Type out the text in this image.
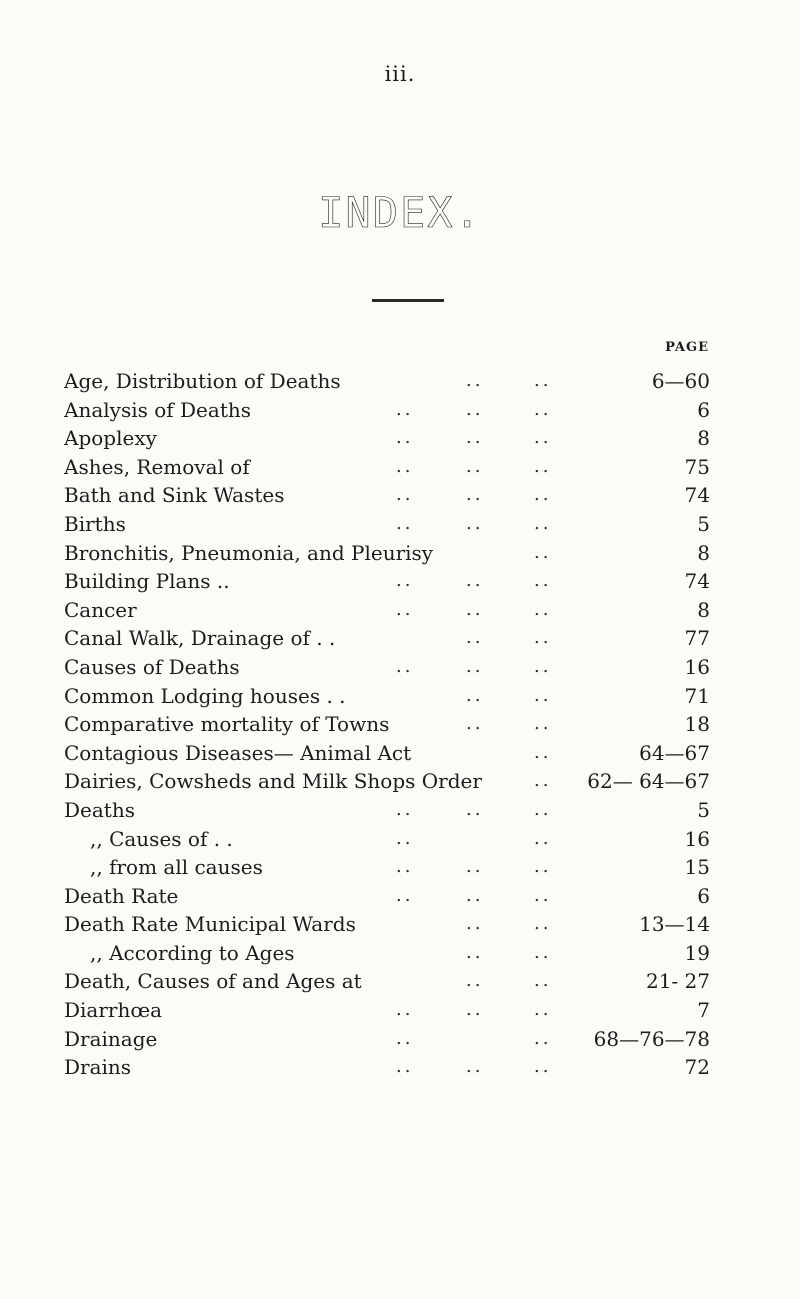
iii.
INDEX.
PAGE
Age, Distribution of Deaths	..	..	6—60
Analysis of Deaths	..	..	..	6
Apoplexy	..	..	..	8
Ashes, Removal of	..	..	..	75
Bath and Sink Wastes	..	..	..	74
Births	..	..	..	5
Bronchitis, Pneumonia, and Pleurisy	..	8
Building Plans ..	..	..	..	74
Cancer	..	..	..	8
Canal Walk, Drainage of . .	..	..	77
Causes of Deaths	..	..	..	16
Common Lodging houses . .	..	..	71
Comparative mortality of Towns	..	..	18
Contagious Diseases— Animal Act	..	64—67
Dairies, Cowsheds and Milk Shops Order	.. 62— 64—67
Deaths	..	..	..	5
,, Causes of . .	..	..	16
,, from all causes	..	..	..	15
Death Rate	..	..	..	6
Death Rate Municipal Wards	..	..	13—14
,, According to Ages	..	..	19
Death, Causes of and Ages at	..	..	21- 27
Diarrhœa	..	..	..	7
Drainage	..	.. 68—76—78
Drains	..	..	..	72
